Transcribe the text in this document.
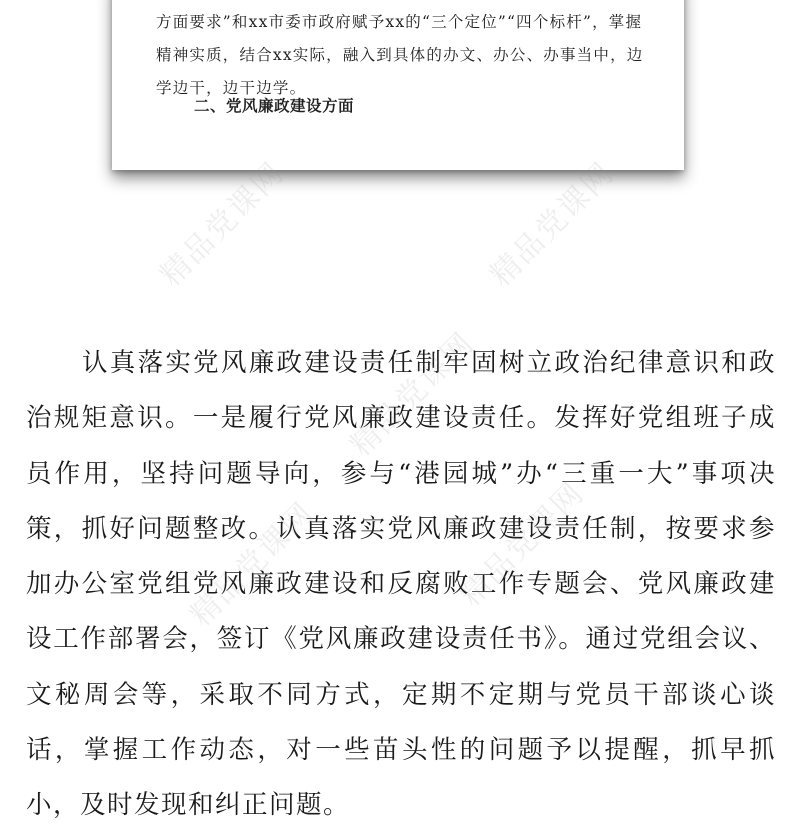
方面要求”和xx市委市政府赋予xx的“三个定位”“四个标杆”，掌握精神实质，结合xx实际，融入到具体的办文、办公、办事当中，边学边干，边干边学。

二、党风廉政建设方面

认真落实党风廉政建设责任制牢固树立政治纪律意识和政治规矩意识。一是履行党风廉政建设责任。发挥好党组班子成员作用，坚持问题导向，参与“港园城”办“三重一大”事项决策，抓好问题整改。认真落实党风廉政建设责任制，按要求参加办公室党组党风廉政建设和反腐败工作专题会、党风廉政建设工作部署会，签订《党风廉政建设责任书》。通过党组会议、文秘周会等，采取不同方式，定期不定期与党员干部谈心谈话，掌握工作动态，对一些苗头性的问题予以提醒，抓早抓小，及时发现和纠正问题。

精品党课网	精品党课网
精品党课网
精品党课网	精品党课网
